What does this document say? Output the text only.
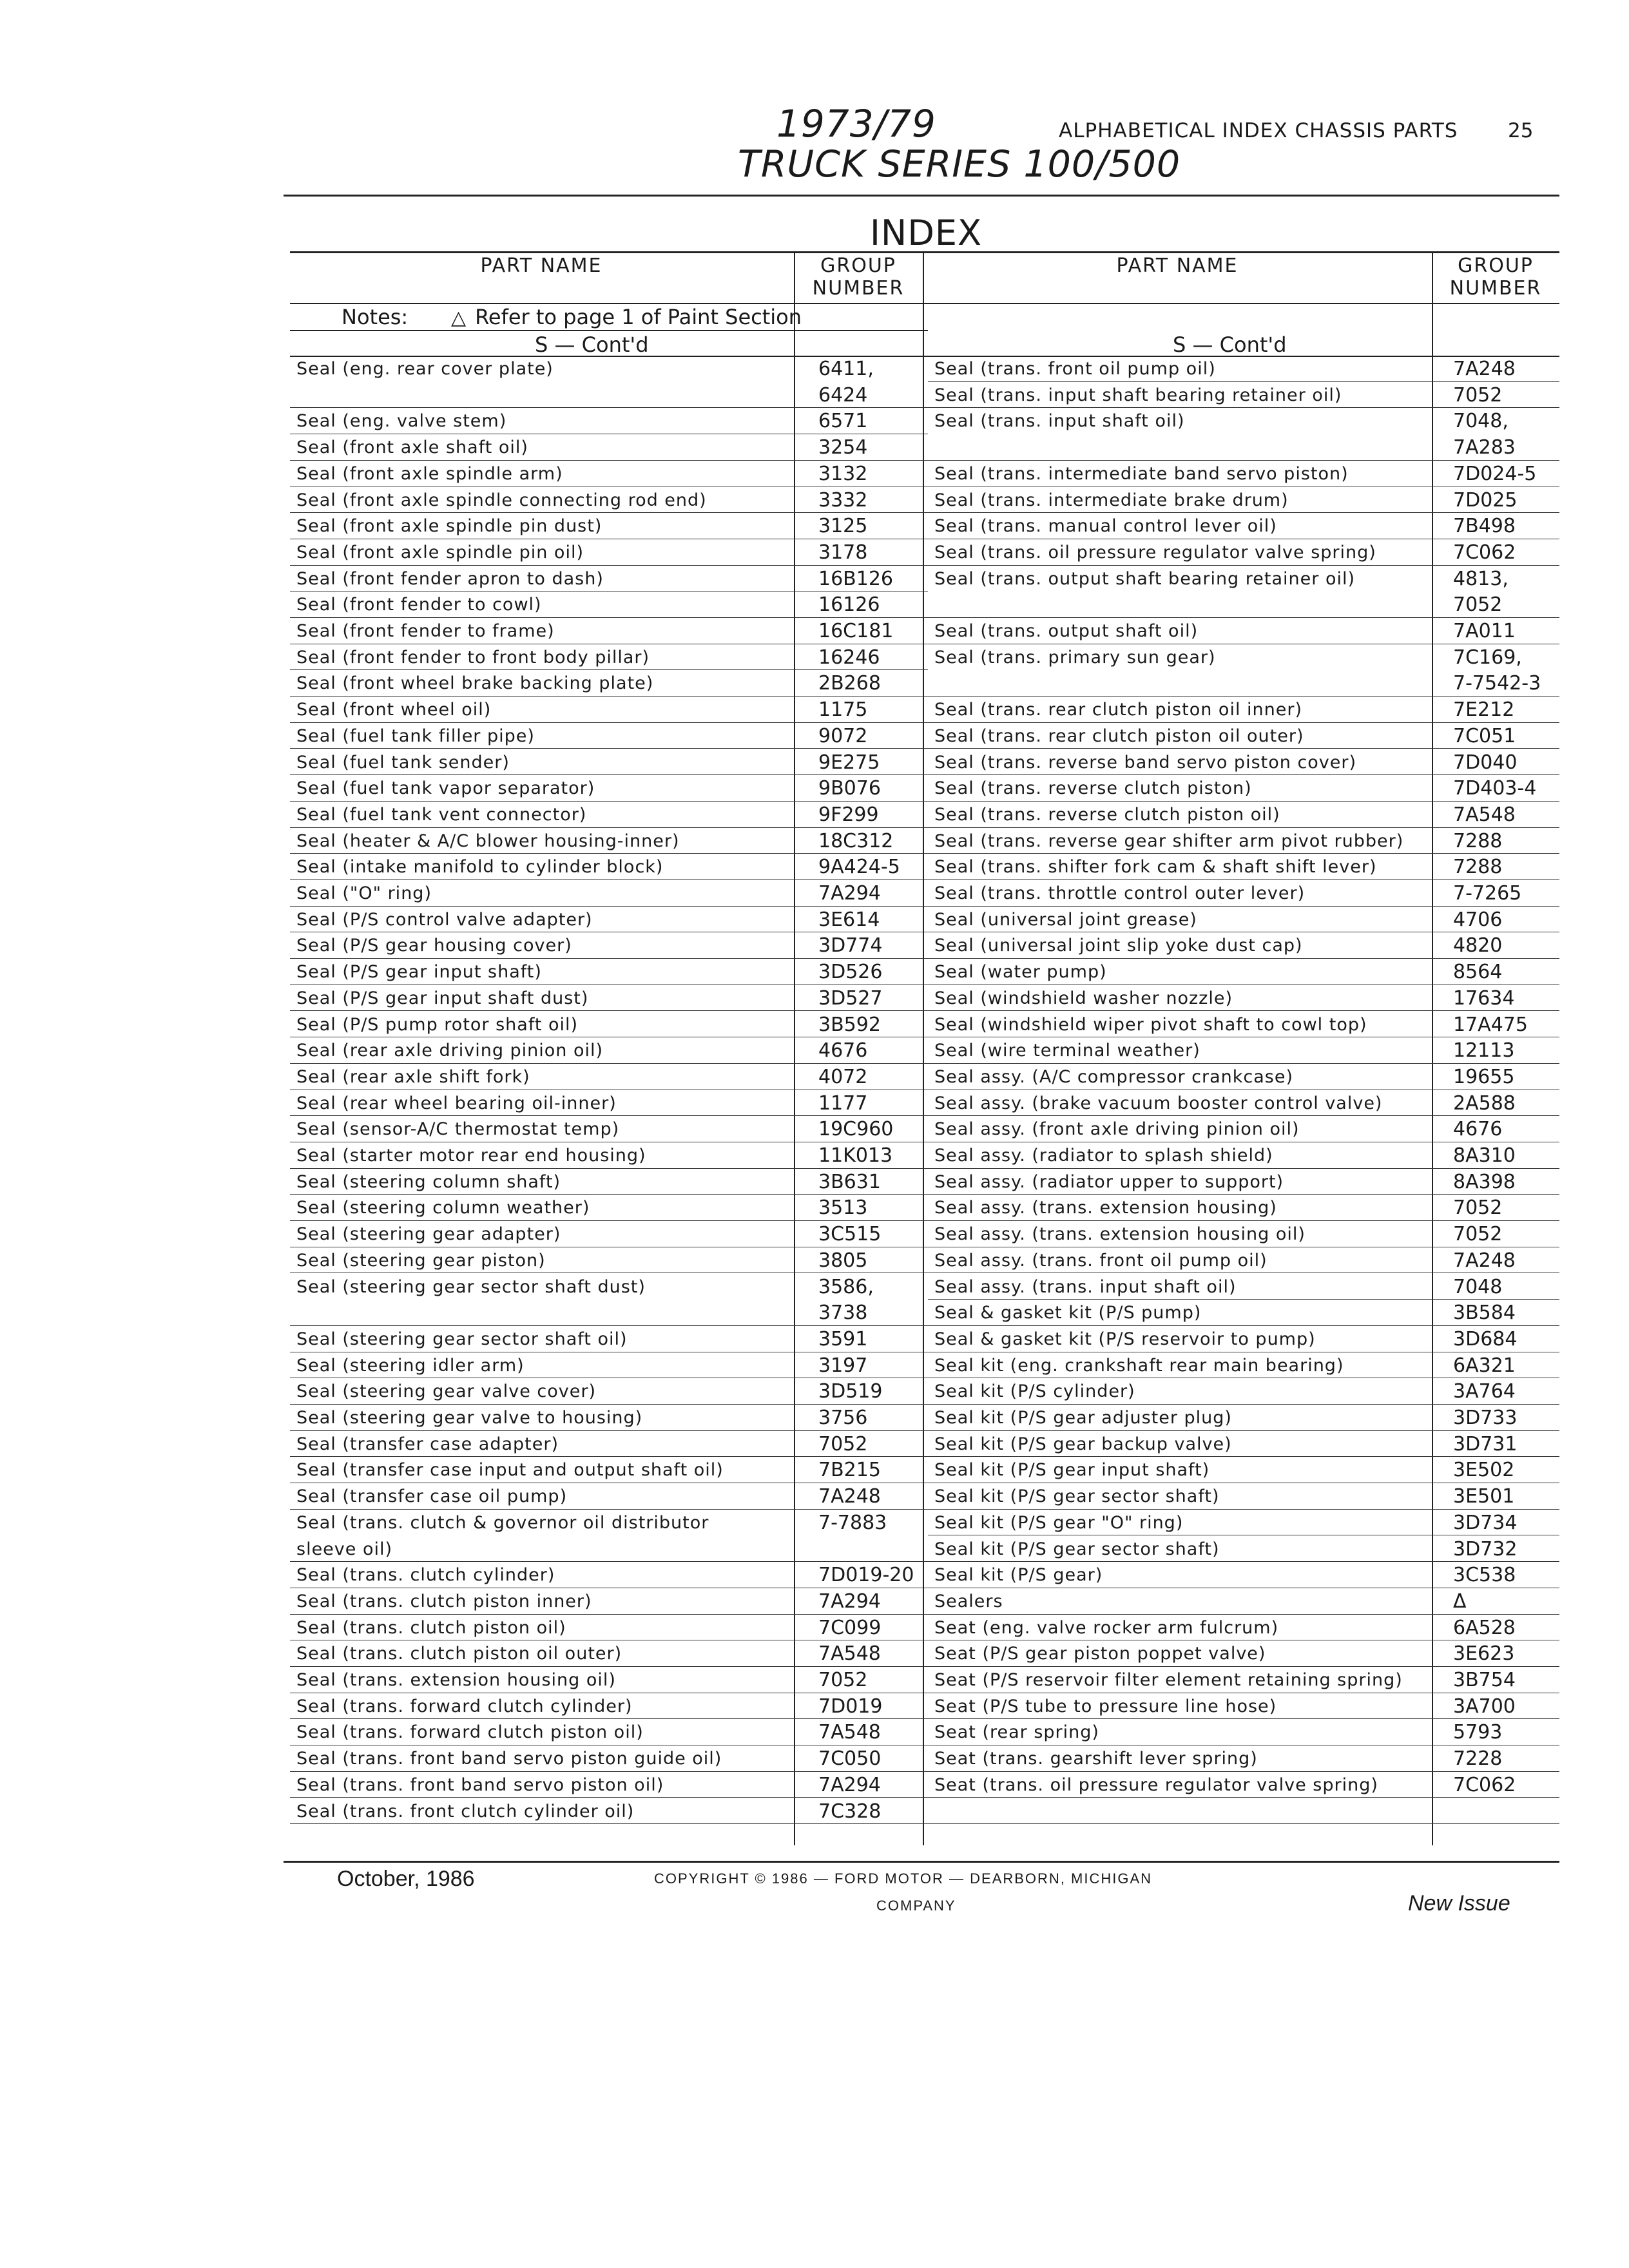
1973/79	ALPHABETICAL INDEX CHASSIS PARTS	25
TRUCK SERIES 100/500
INDEX
PART NAME	GROUP
NUMBER
PART NAME	GROUP
NUMBER
Notes: △ Refer to page 1 of Paint Section
S — Cont'd	S — Cont'd
Seal (eng. rear cover plate)	6411,
6424
Seal (eng. valve stem)	6571
Seal (front axle shaft oil)	3254
Seal (front axle spindle arm)	3132
Seal (front axle spindle connecting rod end)	3332
Seal (front axle spindle pin dust)	3125
Seal (front axle spindle pin oil)	3178
Seal (front fender apron to dash)	16B126
Seal (front fender to cowl)	16126
Seal (front fender to frame)	16C181
Seal (front fender to front body pillar)	16246
Seal (front wheel brake backing plate)	2B268
Seal (front wheel oil)	1175
Seal (fuel tank filler pipe)	9072
Seal (fuel tank sender)	9E275
Seal (fuel tank vapor separator)	9B076
Seal (fuel tank vent connector)	9F299
Seal (heater & A/C blower housing-inner)	18C312
Seal (intake manifold to cylinder block)	9A424-5
Seal ("O" ring)	7A294
Seal (P/S control valve adapter)	3E614
Seal (P/S gear housing cover)	3D774
Seal (P/S gear input shaft)	3D526
Seal (P/S gear input shaft dust)	3D527
Seal (P/S pump rotor shaft oil)	3B592
Seal (rear axle driving pinion oil)	4676
Seal (rear axle shift fork)	4072
Seal (rear wheel bearing oil-inner)	1177
Seal (sensor-A/C thermostat temp)	19C960
Seal (starter motor rear end housing)	11K013
Seal (steering column shaft)	3B631
Seal (steering column weather)	3513
Seal (steering gear adapter)	3C515
Seal (steering gear piston)	3805
Seal (steering gear sector shaft dust)	3586,
3738
Seal (steering gear sector shaft oil)	3591
Seal (steering idler arm)	3197
Seal (steering gear valve cover)	3D519
Seal (steering gear valve to housing)	3756
Seal (transfer case adapter)	7052
Seal (transfer case input and output shaft oil)	7B215
Seal (transfer case oil pump)	7A248
Seal (trans. clutch & governor oil distributor	7-7883
sleeve oil)
Seal (trans. clutch cylinder)	7D019-20
Seal (trans. clutch piston inner)	7A294
Seal (trans. clutch piston oil)	7C099
Seal (trans. clutch piston oil outer)	7A548
Seal (trans. extension housing oil)	7052
Seal (trans. forward clutch cylinder)	7D019
Seal (trans. forward clutch piston oil)	7A548
Seal (trans. front band servo piston guide oil)	7C050
Seal (trans. front band servo piston oil)	7A294
Seal (trans. front clutch cylinder oil)	7C328
Seal (trans. front oil pump oil)	7A248
Seal (trans. input shaft bearing retainer oil)	7052
Seal (trans. input shaft oil)	7048,
7A283
Seal (trans. intermediate band servo piston)	7D024-5
Seal (trans. intermediate brake drum)	7D025
Seal (trans. manual control lever oil)	7B498
Seal (trans. oil pressure regulator valve spring)	7C062
Seal (trans. output shaft bearing retainer oil)	4813,
7052
Seal (trans. output shaft oil)	7A011
Seal (trans. primary sun gear)	7C169,
7-7542-3
Seal (trans. rear clutch piston oil inner)	7E212
Seal (trans. rear clutch piston oil outer)	7C051
Seal (trans. reverse band servo piston cover)	7D040
Seal (trans. reverse clutch piston)	7D403-4
Seal (trans. reverse clutch piston oil)	7A548
Seal (trans. reverse gear shifter arm pivot rubber)	7288
Seal (trans. shifter fork cam & shaft shift lever)	7288
Seal (trans. throttle control outer lever)	7-7265
Seal (universal joint grease)	4706
Seal (universal joint slip yoke dust cap)	4820
Seal (water pump)	8564
Seal (windshield washer nozzle)	17634
Seal (windshield wiper pivot shaft to cowl top)	17A475
Seal (wire terminal weather)	12113
Seal assy. (A/C compressor crankcase)	19655
Seal assy. (brake vacuum booster control valve)	2A588
Seal assy. (front axle driving pinion oil)	4676
Seal assy. (radiator to splash shield)	8A310
Seal assy. (radiator upper to support)	8A398
Seal assy. (trans. extension housing)	7052
Seal assy. (trans. extension housing oil)	7052
Seal assy. (trans. front oil pump oil)	7A248
Seal assy. (trans. input shaft oil)	7048
Seal & gasket kit (P/S pump)	3B584
Seal & gasket kit (P/S reservoir to pump)	3D684
Seal kit (eng. crankshaft rear main bearing)	6A321
Seal kit (P/S cylinder)	3A764
Seal kit (P/S gear adjuster plug)	3D733
Seal kit (P/S gear backup valve)	3D731
Seal kit (P/S gear input shaft)	3E502
Seal kit (P/S gear sector shaft)	3E501
Seal kit (P/S gear "O" ring)	3D734
Seal kit (P/S gear sector shaft)	3D732
Seal kit (P/S gear)	3C538
Sealers	Δ
Seat (eng. valve rocker arm fulcrum)	6A528
Seat (P/S gear piston poppet valve)	3E623
Seat (P/S reservoir filter element retaining spring)	3B754
Seat (P/S tube to pressure line hose)	3A700
Seat (rear spring)	5793
Seat (trans. gearshift lever spring)	7228
Seat (trans. oil pressure regulator valve spring)	7C062
October, 1986	COPYRIGHT © 1986 — FORD MOTOR — DEARBORN, MICHIGAN
COMPANY	New Issue
